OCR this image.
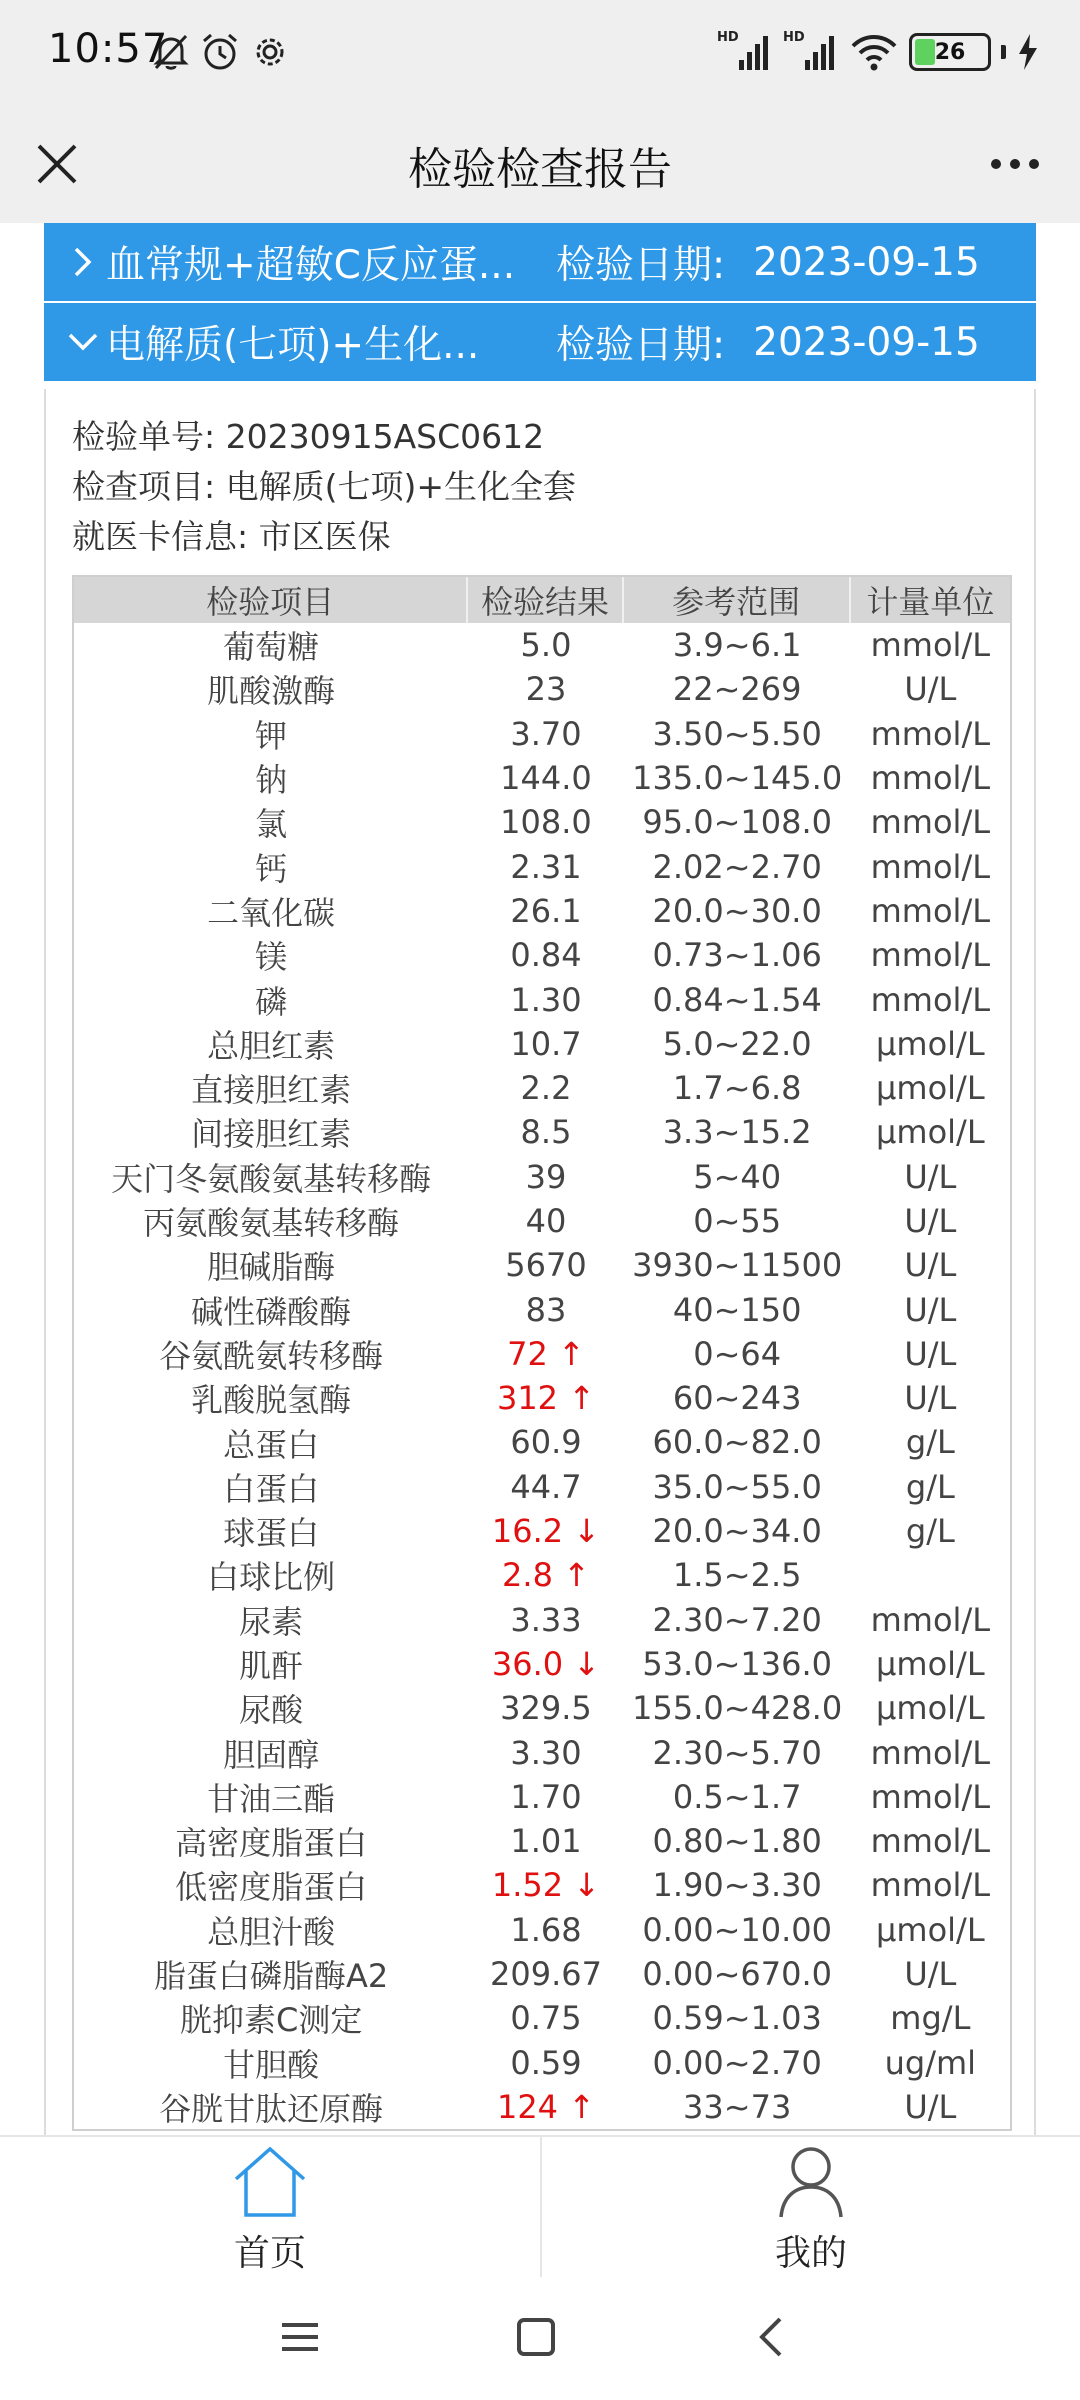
10:57	HD	HD
26
检验检查报告
血常规+超敏C反应蛋...	检验日期: 2023-09-15
电解质(七项)+生化...	检验日期: 2023-09-15
检验单号: 20230915ASC0612
检查项目: 电解质(七项)+生化全套
就医卡信息: 市区医保
检验项目	检验结果	参考范围	计量单位
葡萄糖	5.0	3.9~6.1	mmol/L
肌酸激酶	23	22~269	U/L
钾	3.70	3.50~5.50	mmol/L
钠	144.0	135.0~145.0 mmol/L
氯	108.0	95.0~108.0	mmol/L
钙	2.31	2.02~2.70	mmol/L
二氧化碳	26.1	20.0~30.0	mmol/L
镁	0.84	0.73~1.06	mmol/L
磷	1.30	0.84~1.54	mmol/L
总胆红素	10.7	5.0~22.0	μmol/L
直接胆红素	2.2	1.7~6.8	μmol/L
间接胆红素	8.5	3.3~15.2	μmol/L
天门冬氨酸氨基转移酶	39	5~40	U/L
丙氨酸氨基转移酶	40	0~55	U/L
胆碱脂酶	5670	3930~11500	U/L
碱性磷酸酶	83	40~150	U/L
谷氨酰氨转移酶	72 ↑	0~64	U/L
乳酸脱氢酶	312 ↑	60~243	U/L
总蛋白	60.9	60.0~82.0	g/L
白蛋白	44.7	35.0~55.0	g/L
球蛋白	16.2 ↓	20.0~34.0	g/L
白球比例	2.8 ↑	1.5~2.5
尿素	3.33	2.30~7.20	mmol/L
肌酐	36.0 ↓	53.0~136.0	μmol/L
尿酸	329.5	155.0~428.0	μmol/L
胆固醇	3.30	2.30~5.70	mmol/L
甘油三酯	1.70	0.5~1.7	mmol/L
高密度脂蛋白	1.01	0.80~1.80	mmol/L
低密度脂蛋白	1.52 ↓	1.90~3.30	mmol/L
总胆汁酸	1.68	0.00~10.00	μmol/L
脂蛋白磷脂酶A2	209.67	0.00~670.0	U/L
胱抑素C测定	0.75	0.59~1.03	mg/L
甘胆酸	0.59	0.00~2.70	ug/ml
谷胱甘肽还原酶	124 ↑	33~73	U/L
首页	我的
